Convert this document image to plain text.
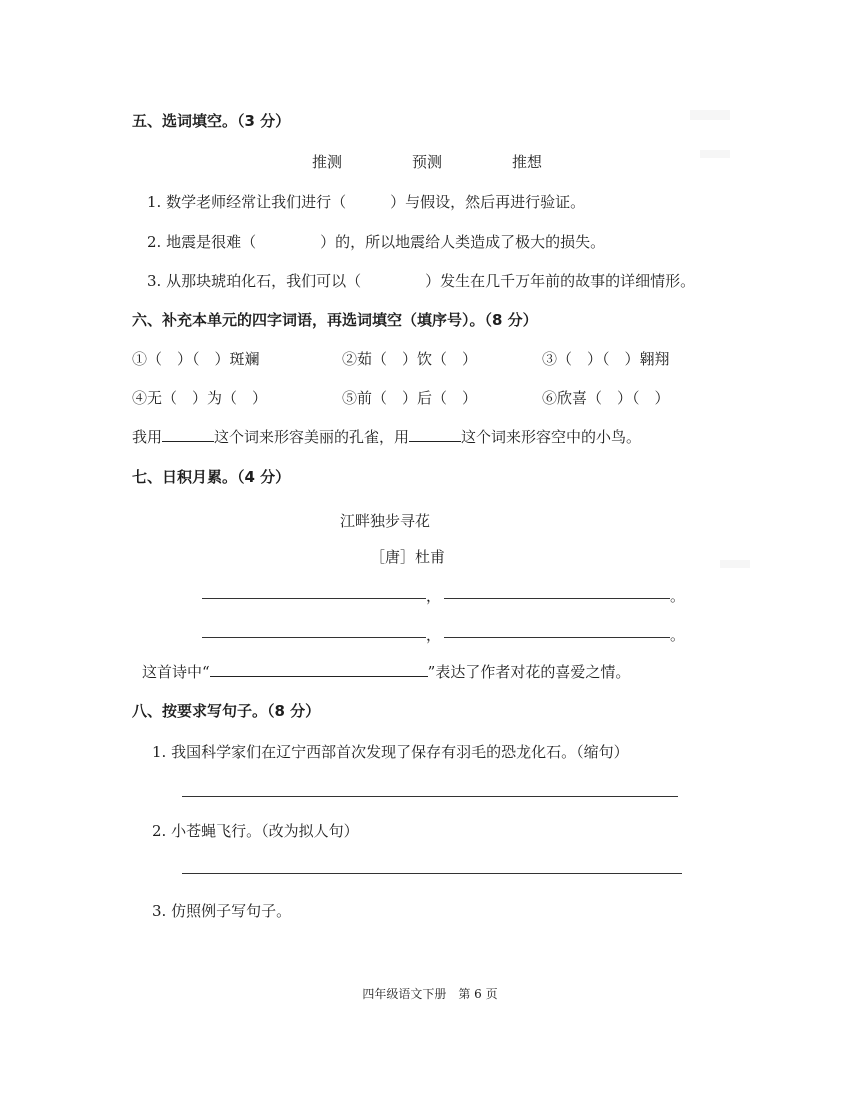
五、选词填空。（3 分）
推测	预测	推想
1. 数学老师经常让我们进行（	）与假设，然后再进行验证。
2. 地震是很难（	）的，所以地震给人类造成了极大的损失。
3. 从那块琥珀化石，我们可以（	）发生在几千万年前的故事的详细情形。
六、补充本单元的四字词语，再选词填空（填序号）。（8 分）
①（　）（　）斑斓	②茹（　）饮（　）	③（　）（　）翱翔
④无（　）为（　）	⑤前（　）后（　）	⑥欣喜（　）（　）
我用	这个词来形容美丽的孔雀，用	这个词来形容空中的小鸟。
七、日积月累。（4 分）
江畔独步寻花
［唐］杜甫
，	。
，	。
这首诗中“	”表达了作者对花的喜爱之情。
八、按要求写句子。（8 分）
1. 我国科学家们在辽宁西部首次发现了保存有羽毛的恐龙化石。（缩句）
2. 小苍蝇飞行。（改为拟人句）
3. 仿照例子写句子。
四年级语文下册　第 6 页
